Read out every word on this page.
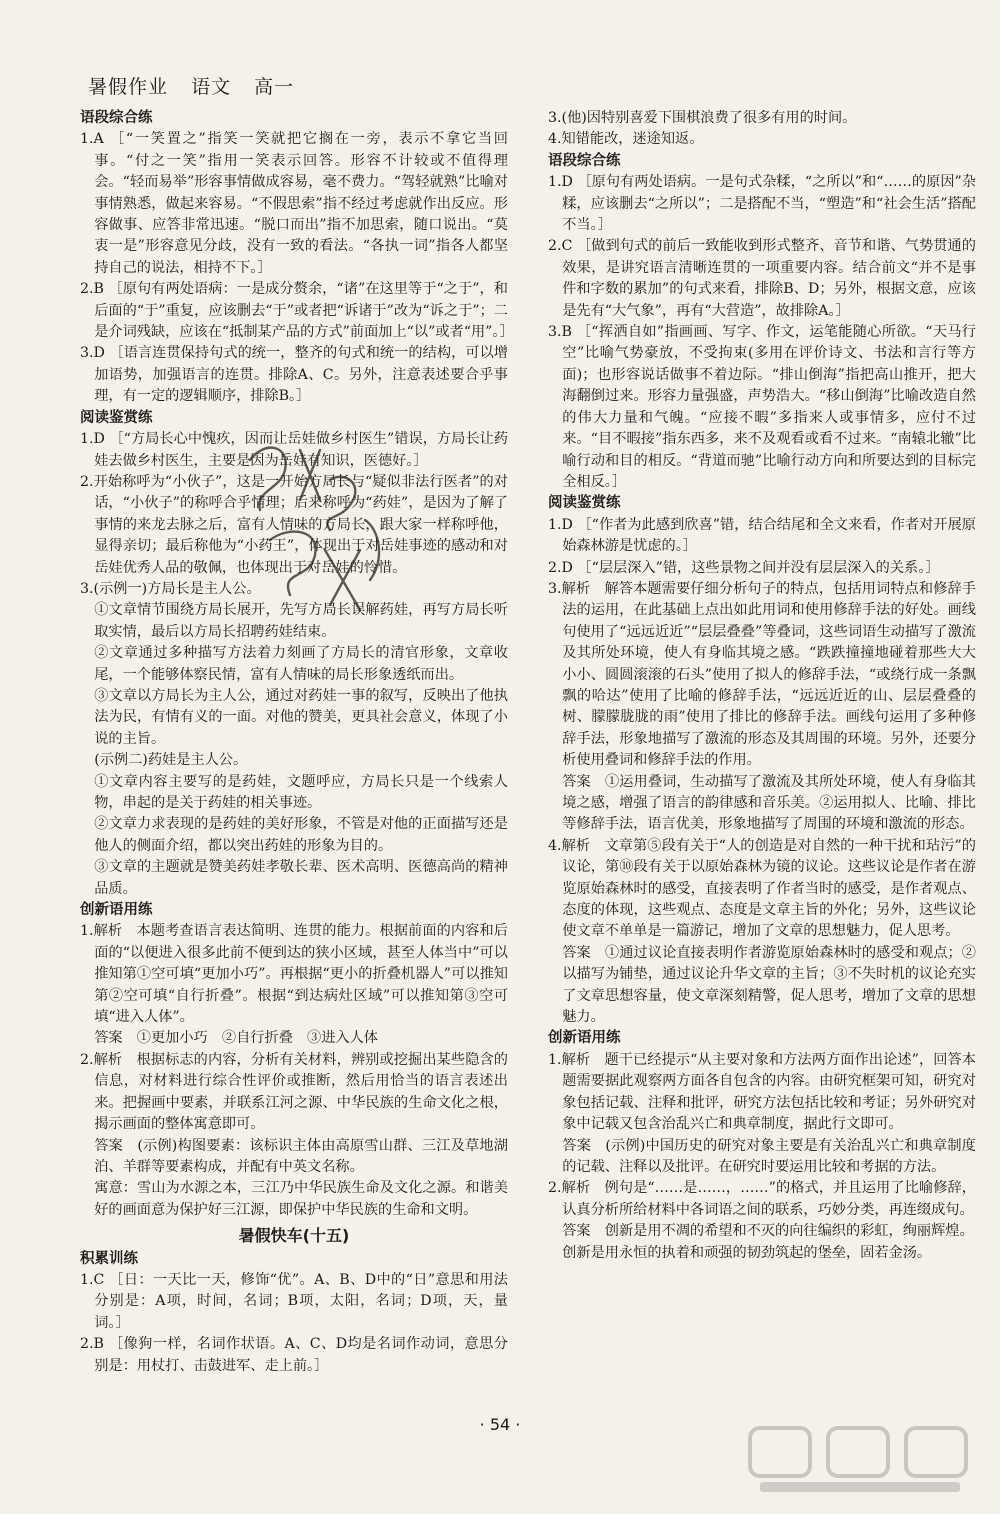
暑假作业 语文 高一
语段综合练
1.A ［“一笑置之”指笑一笑就把它搁在一旁，表示不拿它当回事。“付之一笑”指用一笑表示回答。形容不计较或不值得理会。“轻而易举”形容事情做成容易，毫不费力。“驾轻就熟”比喻对事情熟悉，做起来容易。“不假思索”指不经过考虑就作出反应。形容做事、应答非常迅速。“脱口而出”指不加思索，随口说出。“莫衷一是”形容意见分歧，没有一致的看法。“各执一词”指各人都坚持自己的说法，相持不下。］
2.B ［原句有两处语病：一是成分赘余，“诸”在这里等于“之于”，和后面的“于”重复，应该删去“于”或者把“诉诸于”改为“诉之于”；二是介词残缺，应该在“抵制某产品的方式”前面加上“以”或者“用”。］
3.D ［语言连贯保持句式的统一，整齐的句式和统一的结构，可以增加语势，加强语言的连贯。排除A、C。另外，注意表述要合乎事理，有一定的逻辑顺序，排除B。］
阅读鉴赏练
1.D ［“方局长心中愧疚，因而让岳娃做乡村医生”错误，方局长让药娃去做乡村医生，主要是因为岳娃有知识，医德好。］
2.开始称呼为“小伙子”，这是一开始方局长与“疑似非法行医者”的对话，“小伙子”的称呼合乎情理；后来称呼为“药娃”，是因为了解了事情的来龙去脉之后，富有人情味的方局长，跟大家一样称呼他，显得亲切；最后称他为“小药王”，体现出于对岳娃事迹的感动和对岳娃优秀人品的敬佩，也体现出于对岳娃的怜惜。
3.(示例一)方局长是主人公。
①文章情节围绕方局长展开，先写方局长误解药娃，再写方局长听取实情，最后以方局长招聘药娃结束。
②文章通过多种描写方法着力刻画了方局长的清官形象，文章收尾，一个能够体察民情，富有人情味的局长形象透纸而出。
③文章以方局长为主人公，通过对药娃一事的叙写，反映出了他执法为民，有情有义的一面。对他的赞美，更具社会意义，体现了小说的主旨。
(示例二)药娃是主人公。
①文章内容主要写的是药娃，文题呼应，方局长只是一个线索人物，串起的是关于药娃的相关事迹。
②文章力求表现的是药娃的美好形象，不管是对他的正面描写还是他人的侧面介绍，都以突出药娃的形象为目的。
③文章的主题就是赞美药娃孝敬长辈、医术高明、医德高尚的精神品质。
创新语用练
1.解析　本题考查语言表达简明、连贯的能力。根据前面的内容和后面的“以便进入很多此前不便到达的狭小区域，甚至人体当中”可以推知第①空可填“更加小巧”。再根据“更小的折叠机器人”可以推知第②空可填“自行折叠”。根据“到达病灶区域”可以推知第③空可填“进入人体”。
答案　①更加小巧　②自行折叠　③进入人体
2.解析　根据标志的内容，分析有关材料，辨别或挖掘出某些隐含的信息，对材料进行综合性评价或推断，然后用恰当的语言表述出来。把握画中要素，并联系江河之源、中华民族的生命文化之根，揭示画面的整体寓意即可。
答案　(示例)构图要素：该标识主体由高原雪山群、三江及草地湖泊、羊群等要素构成，并配有中英文名称。
寓意：雪山为水源之本，三江乃中华民族生命及文化之源。和谐美好的画面意为保护好三江源，即保护中华民族的生命和文明。
暑假快车(十五)
积累训练
1.C ［日：一天比一天，修饰“优”。A、B、D中的“日”意思和用法分别是：A项，时间，名词；B项，太阳，名词；D项，天，量词。］
2.B ［像狗一样，名词作状语。A、C、D均是名词作动词，意思分别是：用杖打、击鼓进军、走上前。］
3.(他)因特别喜爱下围棋浪费了很多有用的时间。
4.知错能改，迷途知返。
语段综合练
1.D ［原句有两处语病。一是句式杂糅，“之所以”和“……的原因”杂糅，应该删去“之所以”；二是搭配不当，“塑造”和“社会生活”搭配不当。］
2.C ［做到句式的前后一致能收到形式整齐、音节和谐、气势贯通的效果，是讲究语言清晰连贯的一项重要内容。结合前文“并不是事件和字数的累加”的句式来看，排除B、D；另外，根据文意，应该是先有“大气象”，再有“大营造”，故排除A。］
3.B ［“挥洒自如”指画画、写字、作文，运笔能随心所欲。“天马行空”比喻气势豪放，不受拘束(多用在评价诗文、书法和言行等方面)；也形容说话做事不着边际。“排山倒海”指把高山推开，把大海翻倒过来。形容力量强盛，声势浩大。“移山倒海”比喻改造自然的伟大力量和气魄。“应接不暇”多指来人或事情多，应付不过来。“目不暇接”指东西多，来不及观看或看不过来。“南辕北辙”比喻行动和目的相反。“背道而驰”比喻行动方向和所要达到的目标完全相反。］
阅读鉴赏练
1.D ［“作者为此感到欣喜”错，结合结尾和全文来看，作者对开展原始森林游是忧虑的。］
2.D ［“层层深入”错，这些景物之间并没有层层深入的关系。］
3.解析　解答本题需要仔细分析句子的特点，包括用词特点和修辞手法的运用，在此基础上点出如此用词和使用修辞手法的好处。画线句使用了“远远近近”“层层叠叠”等叠词，这些词语生动描写了激流及其所处环境，使人有身临其境之感。“跌跌撞撞地碰着那些大大小小、圆圆滚滚的石头”使用了拟人的修辞手法，“或绕行成一条飘飘的哈达”使用了比喻的修辞手法，“远远近近的山、层层叠叠的树、朦朦胧胧的雨”使用了排比的修辞手法。画线句运用了多种修辞手法，形象地描写了激流的形态及其周围的环境。另外，还要分析使用叠词和修辞手法的作用。
答案　①运用叠词，生动描写了激流及其所处环境，使人有身临其境之感，增强了语言的韵律感和音乐美。②运用拟人、比喻、排比等修辞手法，语言优美，形象地描写了周围的环境和激流的形态。
4.解析　文章第⑤段有关于“人的创造是对自然的一种干扰和玷污”的议论，第⑩段有关于以原始森林为镜的议论。这些议论是作者在游览原始森林时的感受，直接表明了作者当时的感受，是作者观点、态度的体现，这些观点、态度是文章主旨的外化；另外，这些议论使文章不单单是一篇游记，增加了文章的思想魅力，促人思考。
答案　①通过议论直接表明作者游览原始森林时的感受和观点；②以描写为铺垫，通过议论升华文章的主旨；③不失时机的议论充实了文章思想容量，使文章深刻精警，促人思考，增加了文章的思想魅力。
创新语用练
1.解析　题干已经提示“从主要对象和方法两方面作出论述”，回答本题需要据此观察两方面各自包含的内容。由研究框架可知，研究对象包括记载、注释和批评，研究方法包括比较和考证；另外研究对象中记载又包含治乱兴亡和典章制度，据此行文即可。
答案　(示例)中国历史的研究对象主要是有关治乱兴亡和典章制度的记载、注释以及批评。在研究时要运用比较和考据的方法。
2.解析　例句是“……是……，……”的格式，并且运用了比喻修辞，认真分析所给材料中各词语之间的联系，巧妙分类，再连缀成句。
答案　创新是用不凋的希望和不灭的向往编织的彩虹，绚丽辉煌。
创新是用永恒的执着和顽强的韧劲筑起的堡垒，固若金汤。
· 54 ·
